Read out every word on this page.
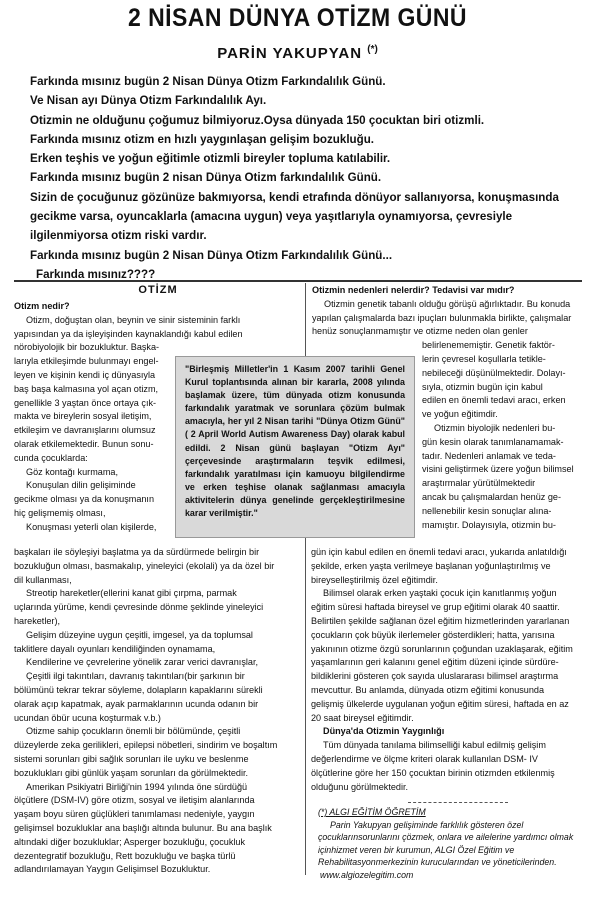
2 NİSAN DÜNYA OTİZM GÜNÜ
PARİN YAKUPYAN (*)

Farkında mısınız bugün 2 Nisan Dünya Otizm Farkındalılık Günü.

Ve Nisan ayı Dünya Otizm Farkındalılık Ayı.

Otizmin ne olduğunu çoğumuz bilmiyoruz.Oysa dünyada 150 çocuktan biri otizmli.

Farkında mısınız otizm en hızlı yaygınlaşan gelişim bozukluğu.

Erken teşhis ve yoğun eğitimle otizmli bireyler topluma katılabilir.

Farkında mısınız bugün 2 nisan Dünya Otizm farkındalılık Günü.

Sizin de çocuğunuz gözünüze bakmıyorsa, kendi etrafında dönüyor sallanıyorsa, konuşmasında

gecikme varsa, oyuncaklarla (amacına uygun) veya yaşıtlarıyla oynamıyorsa, çevresiyle

ilgilenmiyorsa otizm riski vardır.

Farkında mısınız bugün 2 Nisan Dünya Otizm Farkındalılık Günü...

Farkında mısınız????

OTİZM
Otizm nedir?
Otizm, doğuştan olan, beynin ve sinir sisteminin farklı
yapısından ya da işleyişinden kaynaklandığı kabul edilen
nörobiyolojik bir bozukluktur. Başka-
larıyla etkileşimde bulunmayı engel-
leyen ve kişinin kendi iç dünyasıyla
baş başa kalmasına yol açan otizm,
genellikle 3 yaştan önce ortaya çık-
makta ve bireylerin sosyal iletişim,
etkileşim ve davranışlarını olumsuz
olarak etkilemektedir. Bunun sonu-
cunda çocuklarda:
Göz kontağı kurmama,
Konuşulan dilin gelişiminde
gecikme olması ya da konuşmanın
hiç gelişmemiş olması,
Konuşması yeterli olan kişilerde,
başkaları ile söyleşiyi başlatma ya da sürdürmede belirgin bir
bozukluğun olması, basmakalıp, yineleyici (ekolali) ya da özel bir
dil kullanması,
Streotip hareketler(ellerini kanat gibi çırpma, parmak
uçlarında yürüme, kendi çevresinde dönme şeklinde yineleyici
hareketler),
Gelişim düzeyine uygun çeşitli, imgesel, ya da toplumsal
taklitlere dayalı oyunları kendiliğinden oynamama,
Kendilerine ve çevrelerine yönelik zarar verici davranışlar,
Çeşitli ilgi takıntıları, davranış takıntıları(bir şarkının bir
bölümünü tekrar tekrar söyleme, dolapların kapaklarını sürekli
olarak açıp kapatmak, ayak parmaklarının ucunda odanın bir
ucundan öbür ucuna koşturmak v.b.)
Otizme sahip çocukların önemli bir bölümünde, çeşitli
düzeylerde zeka gerilikleri, epilepsi nöbetleri, sindirim ve boşaltım
sistemi sorunları gibi sağlık sorunları ile uyku ve beslenme
bozuklukları gibi günlük yaşam sorunları da görülmektedir.
Amerikan Psikiyatri Birliği'nin 1994 yılında öne sürdüğü
ölçütlere (DSM-IV) göre otizm, sosyal ve iletişim alanlarında
yaşam boyu süren güçlükleri tanımlaması nedeniyle, yaygın
gelişimsel bozukluklar ana başlığı altında bulunur. Bu ana başlık
altındaki diğer bozukluklar; Asperger bozukluğu, çocukluk
dezentegratif bozukluğu, Rett bozukluğu ve başka türlü
adlandırılamayan Yaygın Gelişimsel Bozukluktur.
"Birleşmiş Milletler'in 1 Kasım 2007 tarihli Genel Kurul toplantısında alınan bir kararla, 2008 yılında başlamak üzere, tüm dünyada otizm konusunda farkındalık yaratmak ve sorunlara çözüm bulmak amacıyla, her yıl 2 Nisan tarihi "Dünya Otizm Günü" ( 2 April World Autism Awareness Day) olarak kabul edildi. 2 Nisan günü başlayan "Otizm Ayı" çerçevesinde araştırmaların teşvik edilmesi, farkındalık yaratılması için kamuoyu bilgilendirme ve erken teşhise olanak sağlanması amacıyla aktivitelerin dünya genelinde gerçekleştirilmesine karar verilmiştir."
Otizmin nedenleri nelerdir? Tedavisi var mıdır?
Otizmin genetik tabanlı olduğu görüşü ağırlıktadır. Bu konuda
yapılan çalışmalarda bazı ipuçları bulunmakla birlikte, çalışmalar
henüz sonuçlanmamıştır ve otizme neden olan genler
belirlenememiştir. Genetik faktör-
lerin çevresel koşullarla tetikle-
nebileceği düşünülmektedir. Dolayı-
sıyla, otizmin bugün için kabul
edilen en önemli tedavi aracı, erken
ve yoğun eğitimdir.
Otizmin biyolojik nedenleri bu-
gün kesin olarak tanımlanamamak-
tadır. Nedenleri anlamak ve teda-
visini geliştirmek üzere yoğun bilimsel
araştırmalar yürütülmektedir
ancak bu çalışmalardan henüz ge-
nellenebilir kesin sonuçlar alına-
mamıştır. Dolayısıyla, otizmin bu-
gün için kabul edilen en önemli tedavi aracı, yukarıda anlatıldığı
şekilde, erken yaşta verilmeye başlanan yoğunlaştırılmış ve
bireyselleştirilmiş özel eğitimdir.
Bilimsel olarak erken yaştaki çocuk için kanıtlanmış yoğun
eğitim süresi haftada bireysel ve grup eğitimi olarak 40 saattir.
Belirtilen şekilde sağlanan özel eğitim hizmetlerinden yararlanan
çocukların çok büyük ilerlemeler gösterdikleri; hatta, yarısına
yakınının otizme özgü sorunlarının çoğundan uzaklaşarak, eğitim
yaşamlarının geri kalanını genel eğitim düzeni içinde sürdüre-
bildiklerini gösteren çok sayıda uluslararası bilimsel araştırma
mevcuttur. Bu anlamda, dünyada otizm eğitimi konusunda
gelişmiş ülkelerde uygulanan yoğun eğitim süresi, haftada en az
20 saat bireysel eğitimdir.
Dünya'da Otizmin Yaygınlığı
Tüm dünyada tanılama bilimselliği kabul edilmiş gelişim
değerlendirme ve ölçme kriteri olarak kullanılan DSM- IV
ölçütlerine göre her 150 çocuktan birinin otizmden etkilenmiş
olduğunu görülmektedir.
(*) ALGI EĞİTİM ÖĞRETİM
Parin Yakupyan gelişiminde farklılık gösteren özel çocuklarınsorunlarını çözmek, onlara ve ailelerine yardımcı olmak içinhizmet veren bir kurumun, ALGI Özel Eğitim ve Rehabilitasyonmerkezinin kurucularından ve yöneticilerinden.
www.algiozelegitim.com
